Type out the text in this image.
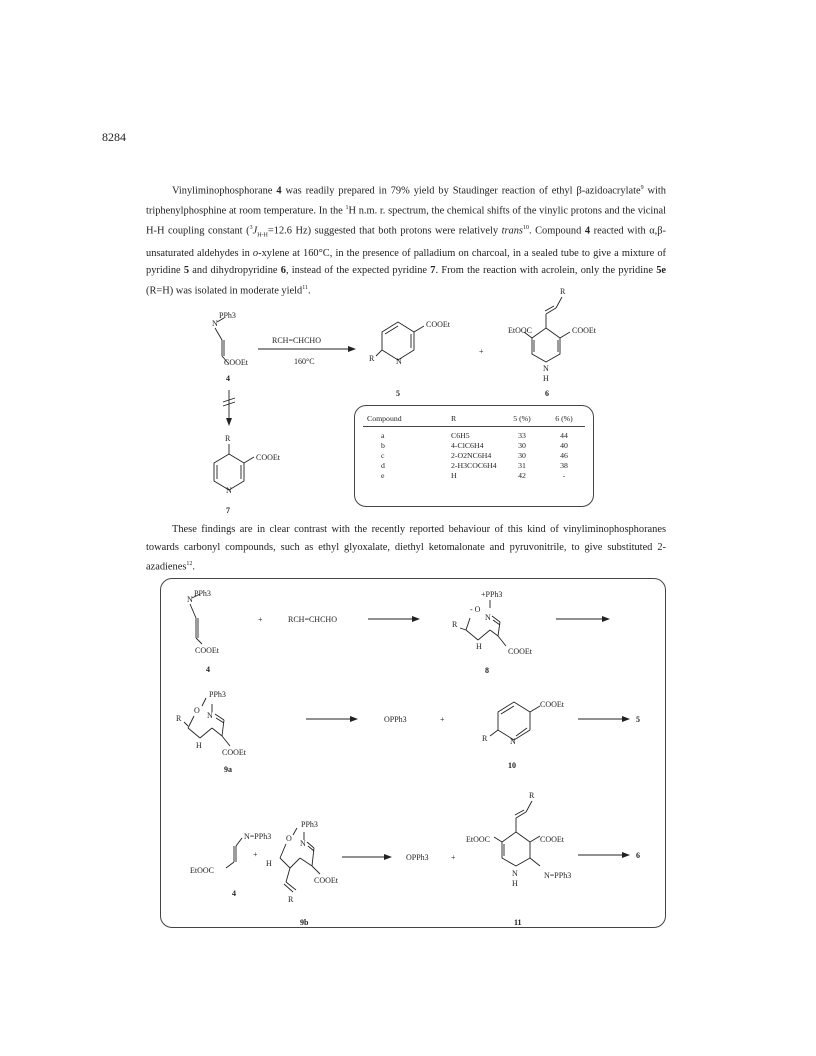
8284

Vinyliminophosphorane 4 was readily prepared in 79% yield by Staudinger reaction of ethyl β-azidoacrylate$^9$ with triphenylphosphine at room temperature. In the $^1$H n.m. r. spectrum, the chemical shifts of the vinylic protons and the vicinal H-H coupling constant ($^3J_{H-H}=12.6$ Hz) suggested that both protons were relatively trans$^{10}$. Compound 4 reacted with α,β-unsaturated aldehydes in o-xylene at 160°C, in the presence of palladium on charcoal, in a sealed tube to give a mixture of pyridine 5 and dihydropyridine 6, instead of the expected pyridine 7. From the reaction with acrolein, only the pyridine 5e (R=H) was isolated in moderate yield$^{11}$.

These findings are in clear contrast with the recently reported behaviour of this kind of vinyliminophosphoranes towards carbonyl compounds, such as ethyl glyoxalate, diethyl ketomalonate and pyruvonitrile, to give substituted 2-azadienes$^{12}$.

Compound	R	5 (%)	6 (%)

a	C6H5	33	44
b	4-ClC6H4	30	40
c	2-O2NC6H4	30	46
d	2-H3COC6H4	31	38
e	H	42	-
N
PPh3
COOEt
4
RCH=CHCHO
160°C
COOEt
R	N
5
+
R
EtOOC	COOEt
N
H
6
R
COOEt
N
7
N
PPh3
COOEt
4
+	RCH=CHCHO
+PPh3
- O
N
R
H
COOEt
8
PPh3
O
N
R
H
COOEt
9a
OPPh3	+
COOEt
R	N
10
5
N=PPh3
EtOOC
4
+
PPh3
O
N
H
R
COOEt
9b
OPPh3	+
R
EtOOC	COOEt
N=PPh3
N
H
11
6
